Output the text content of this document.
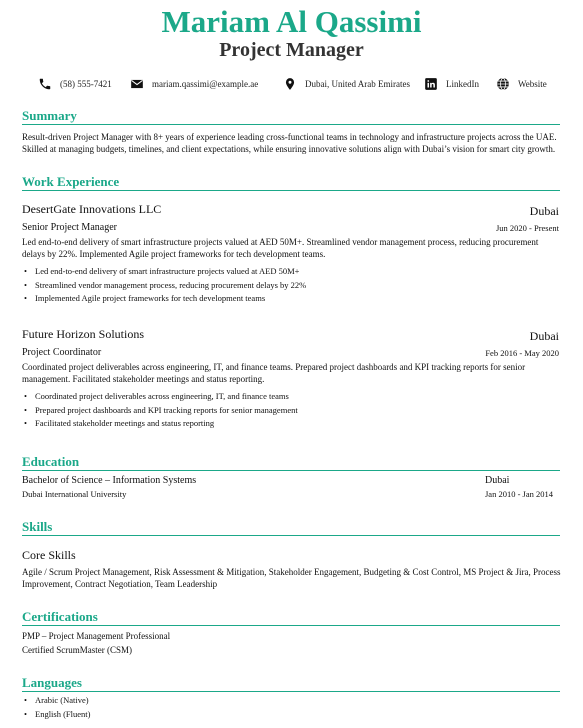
Mariam Al Qassimi
Project Manager
(58) 555-7421	mariam.qassimi@example.ae	Dubai, United Arab Emirates	LinkedIn	Website
Summary
Result-driven Project Manager with 8+ years of experience leading cross-functional teams in technology and infrastructure projects across the UAE. Skilled at managing budgets, timelines, and client expectations, while ensuring innovative solutions align with Dubai’s vision for smart city growth.
Work Experience
DesertGate Innovations LLC	Dubai
Senior Project Manager	Jun 2020 - Present
Led end-to-end delivery of smart infrastructure projects valued at AED 50M+. Streamlined vendor management process, reducing procurement delays by 22%. Implemented Agile project frameworks for tech development teams.
• Led end-to-end delivery of smart infrastructure projects valued at AED 50M+
• Streamlined vendor management process, reducing procurement delays by 22%
• Implemented Agile project frameworks for tech development teams
Future Horizon Solutions	Dubai
Project Coordinator	Feb 2016 - May 2020
Coordinated project deliverables across engineering, IT, and finance teams. Prepared project dashboards and KPI tracking reports for senior management. Facilitated stakeholder meetings and status reporting.
• Coordinated project deliverables across engineering, IT, and finance teams
• Prepared project dashboards and KPI tracking reports for senior management
• Facilitated stakeholder meetings and status reporting
Education
Bachelor of Science – Information Systems	Dubai
Dubai International University	Jan 2010 - Jan 2014
Skills
Core Skills
Agile / Scrum Project Management, Risk Assessment & Mitigation, Stakeholder Engagement, Budgeting & Cost Control, MS Project & Jira, Process Improvement, Contract Negotiation, Team Leadership
Certifications
PMP – Project Management Professional
Certified ScrumMaster (CSM)
Languages
• Arabic (Native)
• English (Fluent)
